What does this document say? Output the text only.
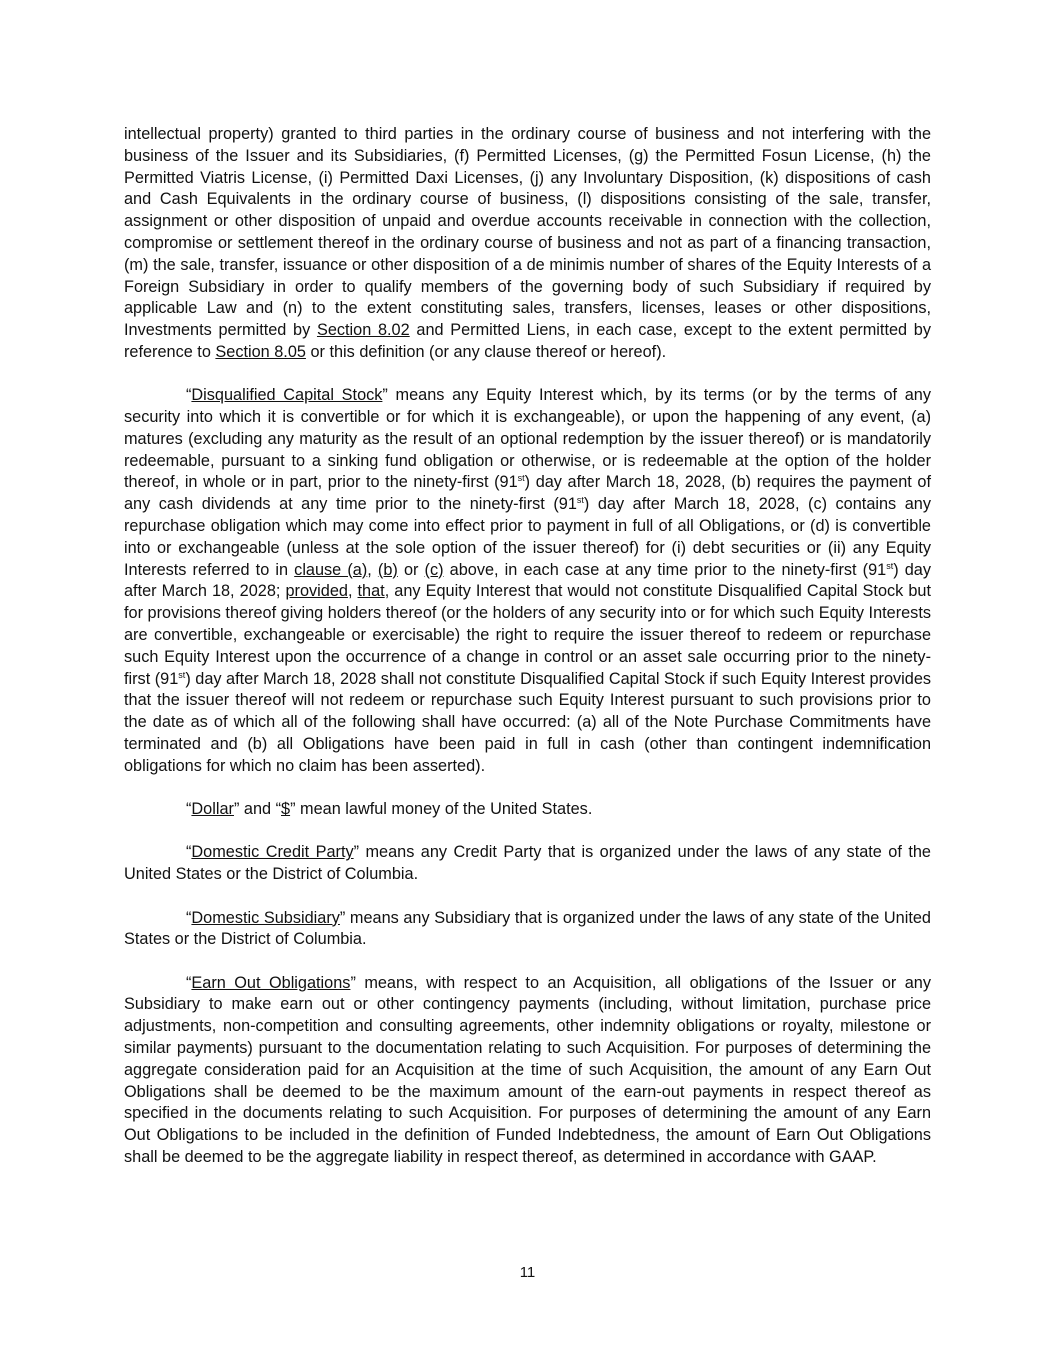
intellectual property) granted to third parties in the ordinary course of business and not interfering with the business of the Issuer and its Subsidiaries, (f) Permitted Licenses, (g) the Permitted Fosun License, (h) the Permitted Viatris License, (i) Permitted Daxi Licenses, (j) any Involuntary Disposition, (k) dispositions of cash and Cash Equivalents in the ordinary course of business, (l) dispositions consisting of the sale, transfer, assignment or other disposition of unpaid and overdue accounts receivable in connection with the collection, compromise or settlement thereof in the ordinary course of business and not as part of a financing transaction, (m) the sale, transfer, issuance or other disposition of a de minimis number of shares of the Equity Interests of a Foreign Subsidiary in order to qualify members of the governing body of such Subsidiary if required by applicable Law and (n) to the extent constituting sales, transfers, licenses, leases or other dispositions, Investments permitted by Section 8.02 and Permitted Liens, in each case, except to the extent permitted by reference to Section 8.05 or this definition (or any clause thereof or hereof).

“Disqualified Capital Stock” means any Equity Interest which, by its terms (or by the terms of any security into which it is convertible or for which it is exchangeable), or upon the happening of any event, (a) matures (excluding any maturity as the result of an optional redemption by the issuer thereof) or is mandatorily redeemable, pursuant to a sinking fund obligation or otherwise, or is redeemable at the option of the holder thereof, in whole or in part, prior to the ninety-first (91st) day after March 18, 2028, (b) requires the payment of any cash dividends at any time prior to the ninety-first (91st) day after March 18, 2028, (c) contains any repurchase obligation which may come into effect prior to payment in full of all Obligations, or (d) is convertible into or exchangeable (unless at the sole option of the issuer thereof) for (i) debt securities or (ii) any Equity Interests referred to in clause (a), (b) or (c) above, in each case at any time prior to the ninety-first (91st) day after March 18, 2028; provided, that, any Equity Interest that would not constitute Disqualified Capital Stock but for provisions thereof giving holders thereof (or the holders of any security into or for which such Equity Interests are convertible, exchangeable or exercisable) the right to require the issuer thereof to redeem or repurchase such Equity Interest upon the occurrence of a change in control or an asset sale occurring prior to the ninety-first (91st) day after March 18, 2028 shall not constitute Disqualified Capital Stock if such Equity Interest provides that the issuer thereof will not redeem or repurchase such Equity Interest pursuant to such provisions prior to the date as of which all of the following shall have occurred: (a) all of the Note Purchase Commitments have terminated and (b) all Obligations have been paid in full in cash (other than contingent indemnification obligations for which no claim has been asserted).

“Dollar” and “$” mean lawful money of the United States.

“Domestic Credit Party” means any Credit Party that is organized under the laws of any state of the United States or the District of Columbia.

“Domestic Subsidiary” means any Subsidiary that is organized under the laws of any state of the United States or the District of Columbia.

“Earn Out Obligations” means, with respect to an Acquisition, all obligations of the Issuer or any Subsidiary to make earn out or other contingency payments (including, without limitation, purchase price adjustments, non-competition and consulting agreements, other indemnity obligations or royalty, milestone or similar payments) pursuant to the documentation relating to such Acquisition. For purposes of determining the aggregate consideration paid for an Acquisition at the time of such Acquisition, the amount of any Earn Out Obligations shall be deemed to be the maximum amount of the earn-out payments in respect thereof as specified in the documents relating to such Acquisition. For purposes of determining the amount of any Earn Out Obligations to be included in the definition of Funded Indebtedness, the amount of Earn Out Obligations shall be deemed to be the aggregate liability in respect thereof, as determined in accordance with GAAP.

11
